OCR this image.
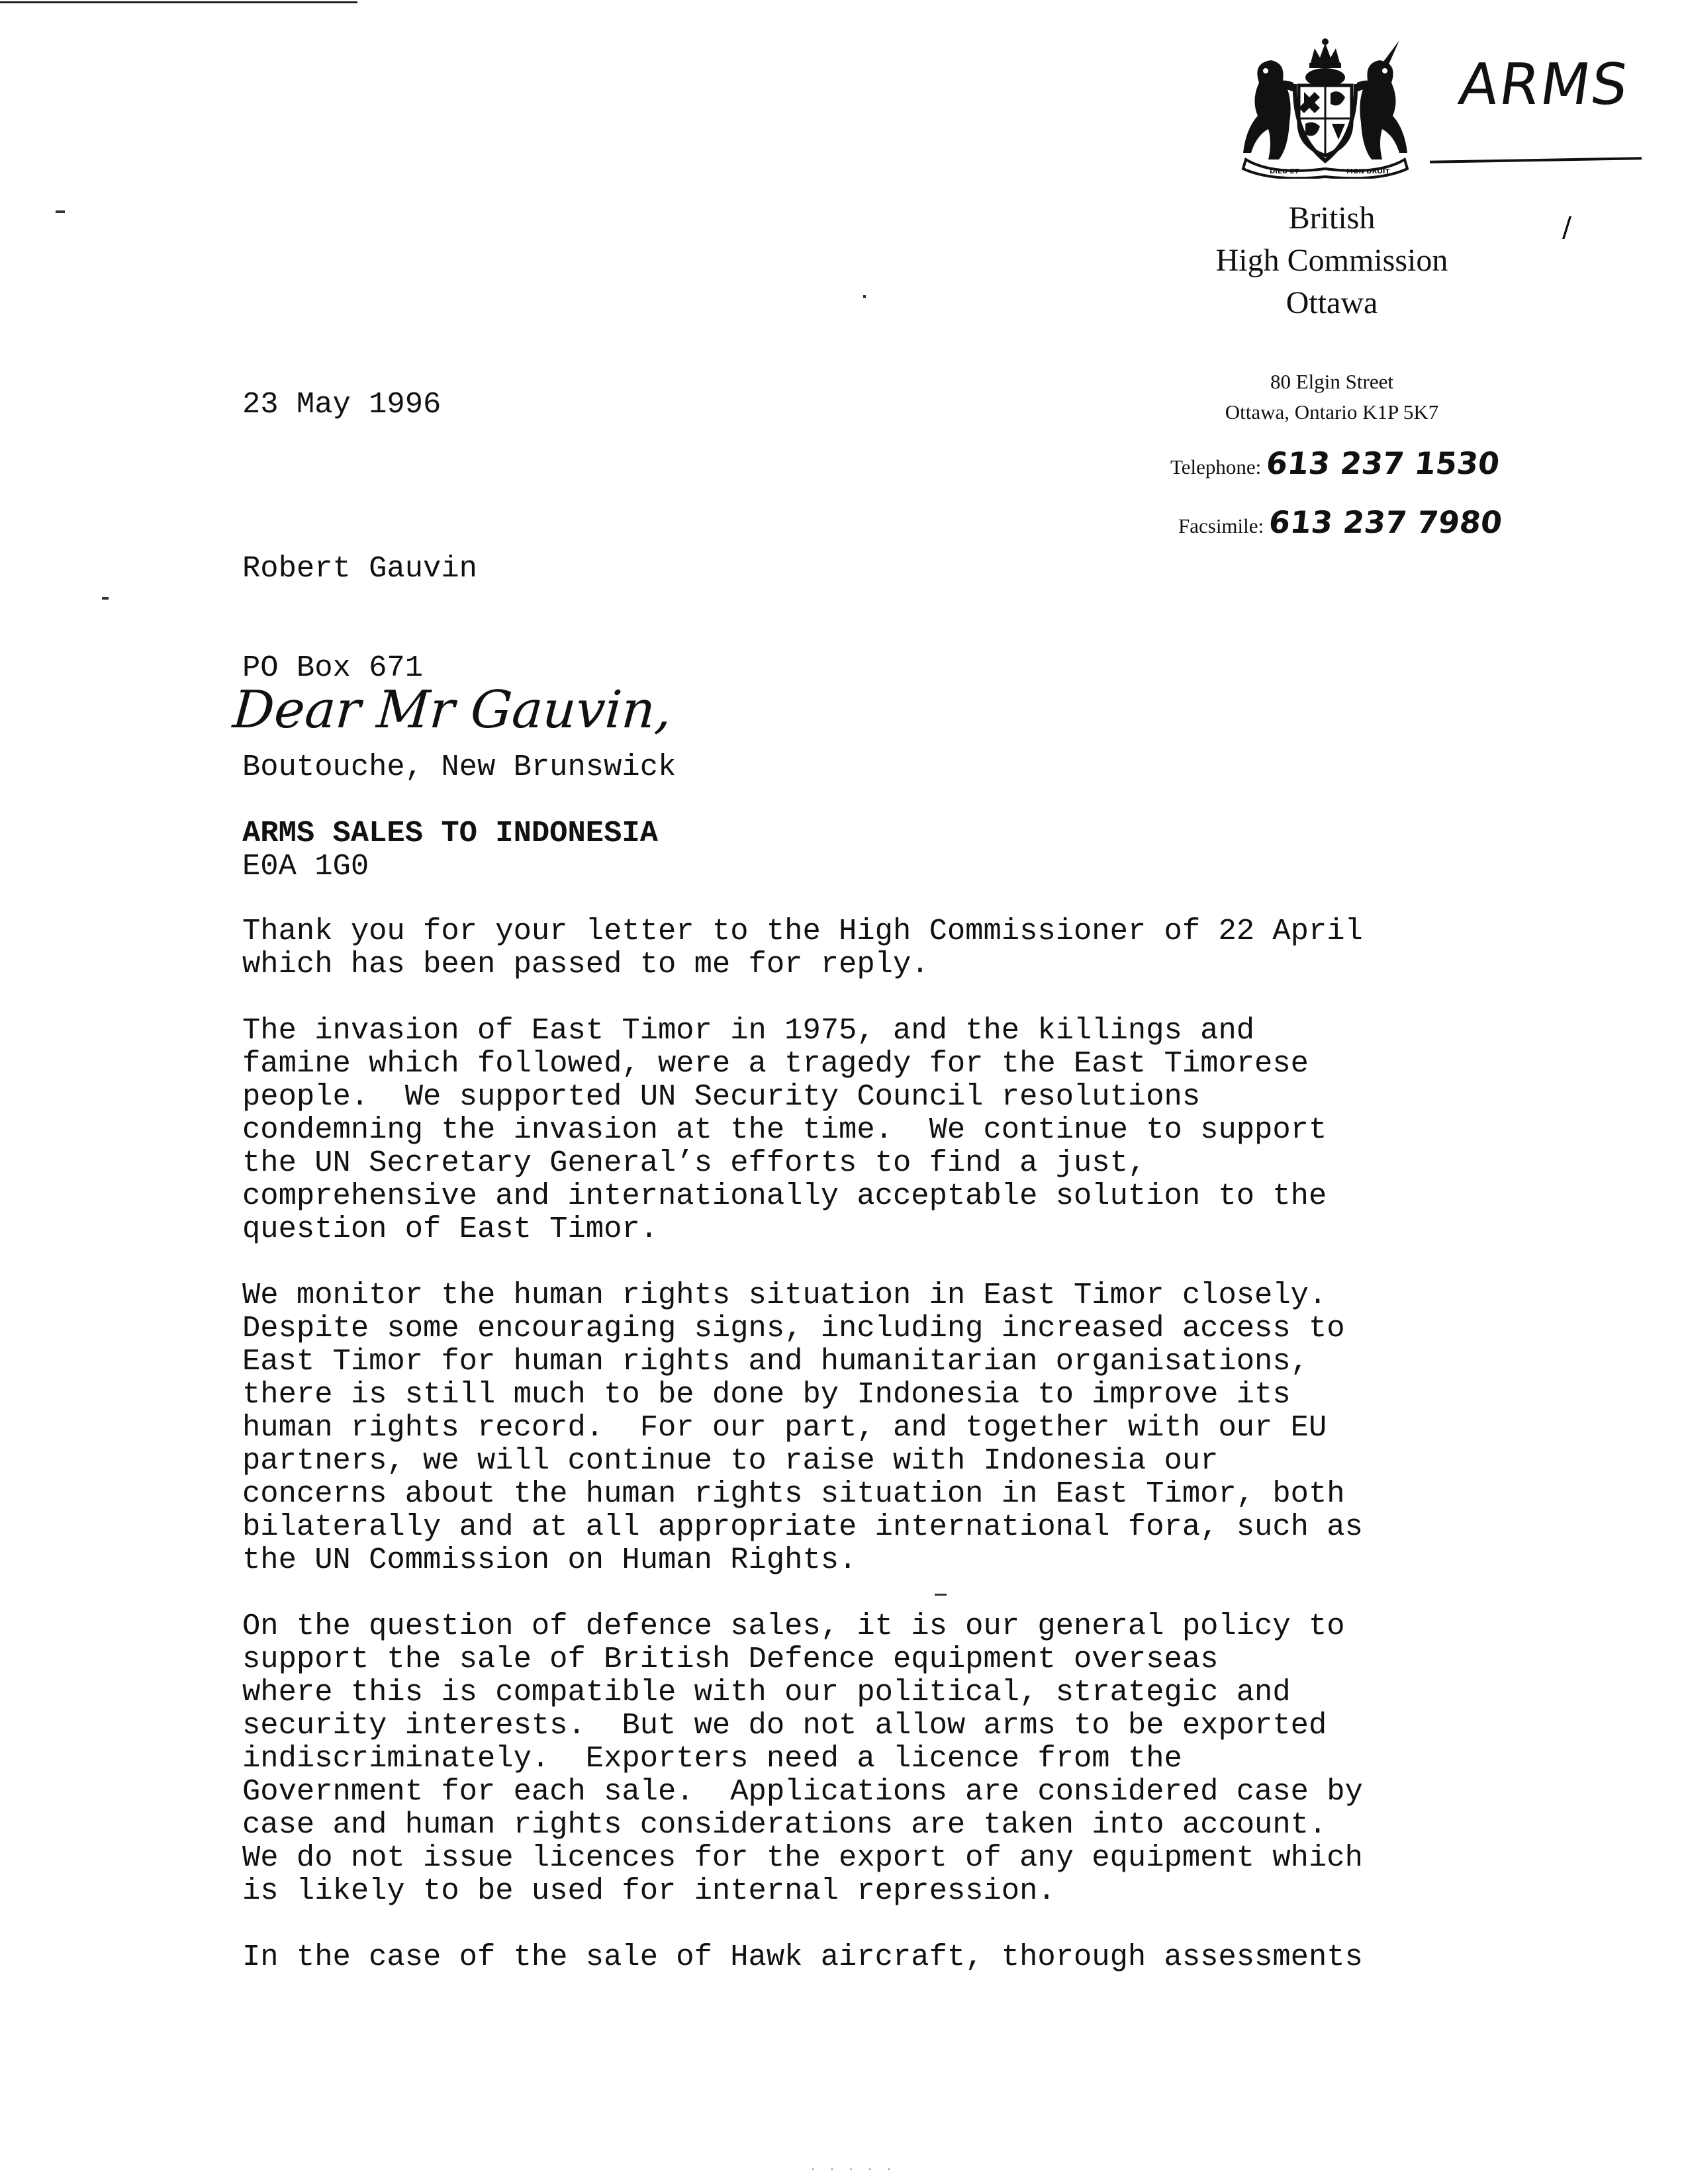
DIEU ET	MON DROIT
ARMS
/
British
High Commission
Ottawa
80 Elgin Street
Ottawa, Ontario K1P 5K7
Telephone: 613 237 1530
Facsimile: 613 237 7980
23 May 1996

Robert Gauvin

PO Box 671

Boutouche, New Brunswick

E0A 1G0

Dear Mr Gauvin,
ARMS SALES TO INDONESIA
Thank you for your letter to the High Commissioner of 22 April
which has been passed to me for reply.
The invasion of East Timor in 1975, and the killings and
famine which followed, were a tragedy for the East Timorese
people.  We supported UN Security Council resolutions
condemning the invasion at the time.  We continue to support
the UN Secretary General’s efforts to find a just,
comprehensive and internationally acceptable solution to the
question of East Timor.
We monitor the human rights situation in East Timor closely.
Despite some encouraging signs, including increased access to
East Timor for human rights and humanitarian organisations,
there is still much to be done by Indonesia to improve its
human rights record.  For our part, and together with our EU
partners, we will continue to raise with Indonesia our
concerns about the human rights situation in East Timor, both
bilaterally and at all appropriate international fora, such as
the UN Commission on Human Rights.
On the question of defence sales, it is our general policy to
support the sale of British Defence equipment overseas
where this is compatible with our political, strategic and
security interests.  But we do not allow arms to be exported
indiscriminately.  Exporters need a licence from the
Government for each sale.  Applications are considered case by
case and human rights considerations are taken into account.
We do not issue licences for the export of any equipment which
is likely to be used for internal repression.
In the case of the sale of Hawk aircraft, thorough assessments
· · · · ·
